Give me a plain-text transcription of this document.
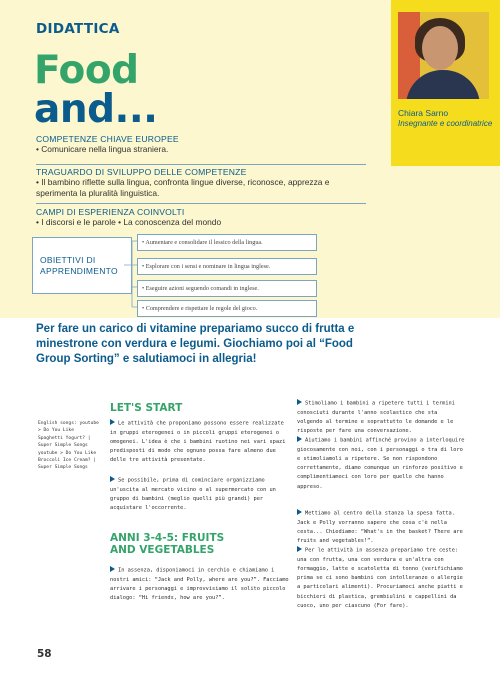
DIDATTICA
Food
and...	Chiara Sarno
Insegnante e coordinatrice
COMPETENZE CHIAVE EUROPEE
• Comunicare nella lingua straniera.
TRAGUARDO DI SVILUPPO DELLE COMPETENZE
• Il bambino riflette sulla lingua, confronta lingue diverse, riconosce, apprezza e sperimenta la pluralità linguistica.
CAMPI DI ESPERIENZA COINVOLTI
• I discorsi e le parole • La conoscenza del mondo
OBIETTIVI DI APPRENDIMENTO
• Aumentare e consolidare il lessico della lingua.
• Esplorare con i sensi e nominare in lingua inglese.
• Eseguire azioni seguendo comandi in inglese.
• Comprendere e rispettare le regole del gioco.
Per fare un carico di vitamine prepariamo succo di frutta e minestrone con verdura e legumi. Giochiamo poi al “Food Group Sorting” e salutiamoci in allegria!
English songs: youtube > Do You Like Spaghetti Yogurt? | Super Simple Songs youtube > Do You Like Broccoli Ice Cream? | Super Simple Songs
LET'S START
Le attività che proponiamo possono essere realizzate in gruppi eterogenei o in piccoli gruppi eterogenei o omogenei. L'idea è che i bambini ruotino nei vari spazi predisposti di modo che ognuno possa fare almeno due delle tre attività presentate.
Se possibile, prima di cominciare organizziamo un'uscita al mercato vicino o al supermercato con un gruppo di bambini (meglio quelli più grandi) per acquistare l'occorrente.
ANNI 3-4-5: FRUITS AND VEGETABLES
In assenza, disponiamoci in cerchio e chiamiamo i nostri amici: “Jack and Polly, where are you?”. Facciamo arrivare i personaggi e improvvisiamo il solito piccolo dialogo: “Hi friends, how are you?”.
Stimoliamo i bambini a ripetere tutti i termini conosciuti durante l'anno scolastico che sta volgendo al termine e soprattutto le domande e le risposte per fare una conversazione.
Aiutiamo i bambini affinché provino a interloquire giocosamente con noi, con i personaggi o tra di loro e stimoliamoli a ripetere. Se non rispondono correttamente, diamo comunque un rinforzo positivo e complimentiamoci con loro per quello che hanno appreso.
Mettiamo al centro della stanza la spesa fatta. Jack e Polly vorranno sapere che cosa c'è nella cesta... Chiediamo: “What's in the basket? There are fruits and vegetables!”.
Per le attività in assenza prepariamo tre ceste: una con frutta, una con verdura e un'altra con formaggio, latte e scatoletta di tonno (verifichiamo prima se ci sono bambini con intolleranze o allergie a particolari alimenti). Procuriamoci anche piatti e bicchieri di plastica, grembiulini e cappellini da cuoco, uno per ciascuno (For fare).
58
